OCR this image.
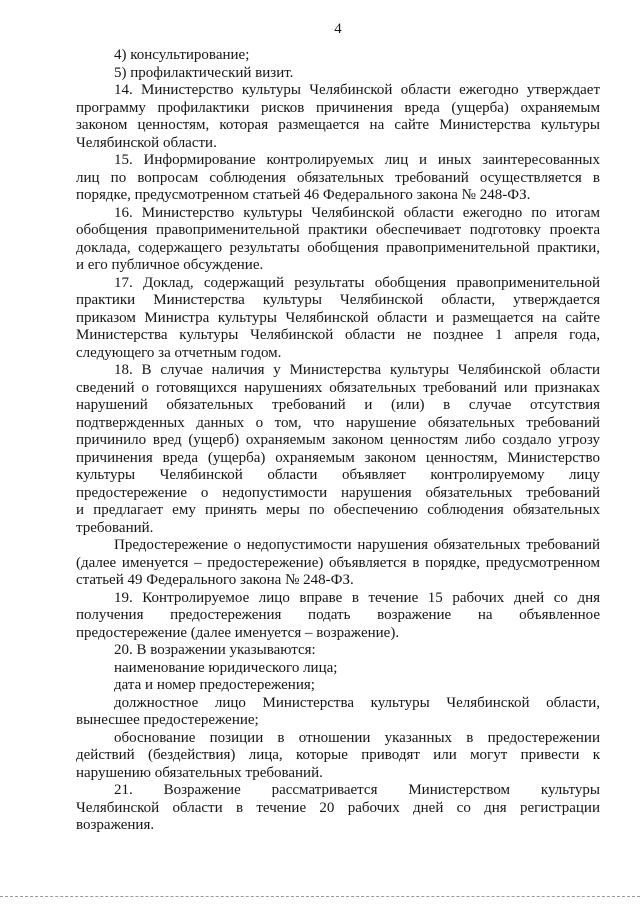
4
4) консультирование;
5) профилактический визит.
14. Министерство культуры Челябинской области ежегодно утверждает
программу профилактики рисков причинения вреда (ущерба) охраняемым
законом ценностям, которая размещается на сайте Министерства культуры
Челябинской области.
15. Информирование контролируемых лиц и иных заинтересованных
лиц по вопросам соблюдения обязательных требований осуществляется в
порядке, предусмотренном статьей 46 Федерального закона № 248-ФЗ.
16. Министерство культуры Челябинской области ежегодно по итогам
обобщения правоприменительной практики обеспечивает подготовку проекта
доклада, содержащего результаты обобщения правоприменительной практики,
и его публичное обсуждение.
17. Доклад, содержащий результаты обобщения правоприменительной
практики Министерства культуры Челябинской области, утверждается
приказом Министра культуры Челябинской области и размещается на сайте
Министерства культуры Челябинской области не позднее 1 апреля года,
следующего за отчетным годом.
18. В случае наличия у Министерства культуры Челябинской области
сведений о готовящихся нарушениях обязательных требований или признаках
нарушений обязательных требований и (или) в случае отсутствия
подтвержденных данных о том, что нарушение обязательных требований
причинило вред (ущерб) охраняемым законом ценностям либо создало угрозу
причинения вреда (ущерба) охраняемым законом ценностям, Министерство
культуры Челябинской области объявляет контролируемому лицу
предостережение о недопустимости нарушения обязательных требований
и предлагает ему принять меры по обеспечению соблюдения обязательных
требований.
Предостережение о недопустимости нарушения обязательных требований
(далее именуется – предостережение) объявляется в порядке, предусмотренном
статьей 49 Федерального закона № 248-ФЗ.
19. Контролируемое лицо вправе в течение 15 рабочих дней со дня
получения предостережения подать возражение на объявленное
предостережение (далее именуется – возражение).
20. В возражении указываются:
наименование юридического лица;
дата и номер предостережения;
должностное лицо Министерства культуры Челябинской области,
вынесшее предостережение;
обоснование позиции в отношении указанных в предостережении
действий (бездействия) лица, которые приводят или могут привести к
нарушению обязательных требований.
21. Возражение рассматривается Министерством культуры
Челябинской области в течение 20 рабочих дней со дня регистрации
возражения.
